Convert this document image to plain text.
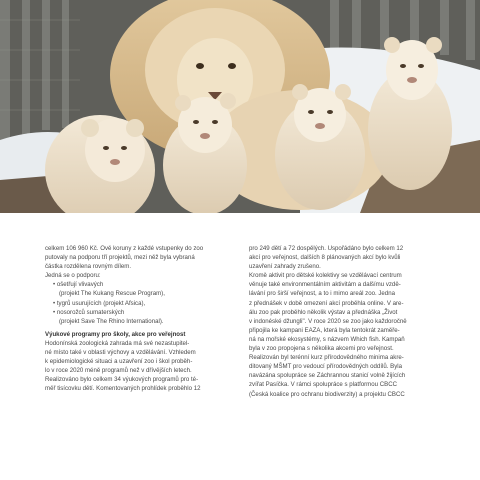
celkem 106 960 Kč. Ově koruny z každé vstupenky do zoo
putovaly na podporu tří projektů, mezi něž byla vybraná
částka rozdělena rovným dílem.
Jedná se o podporu:
• ošetřují vlivavých
(projekt The Kukang Rescue Program),
• tygrů usurujících (projekt Afsica),
• nosorožců sumaterských
(projekt Save The Rhino International).
Výukové programy pro školy, akce pro veřejnost
Hodonínská zoologická zahrada má své nezastupitel-
né místo také v oblasti výchovy a vzdělávání. Vzhledem
k epidemiologické situaci a uzavření zoo i škol proběh-
lo v roce 2020 méně programů než v dřívějších letech.
Realizováno bylo celkem 34 výukových programů pro té-
měř tisícovku dětí. Komentovaných prohlídek proběhlo 12
pro 249 dětí a 72 dospělých. Uspořádáno bylo celkem 12
akcí pro veřejnost, dalších 8 plánovaných akcí bylo kvůli
uzavření zahrady zrušeno.
Kromě aktivit pro dětské kolektivy se vzdělávací centrum
věnuje také environmentálním aktivitám a dalšímu vzdě-
lávání pro širší veřejnost, a to i mimo areál zoo. Jedna
z přednášek v době omezení akcí proběhla online. V are-
álu zoo pak proběhlo několik výstav a přednáška „Život
v indonéské džungli". V roce 2020 se zoo jako každoročně
připojila ke kampani EAZA, která byla tentokrát zaměře-
ná na mořské ekosystémy, s názvem Which fish. Kampaň
byla v zoo propojena s několika akcemi pro veřejnost.
Realizován byl terénní kurz přírodovědného minima akre-
ditovaný MŠMT pro vedoucí přírodovědných oddílů. Byla
navázána spolupráce se Záchrannou stanicí volně žijících
zvířat Pasíčka. V rámci spolupráce s platformou CBCC
(Česká koalice pro ochranu biodiverzity) a projektu CBCC
